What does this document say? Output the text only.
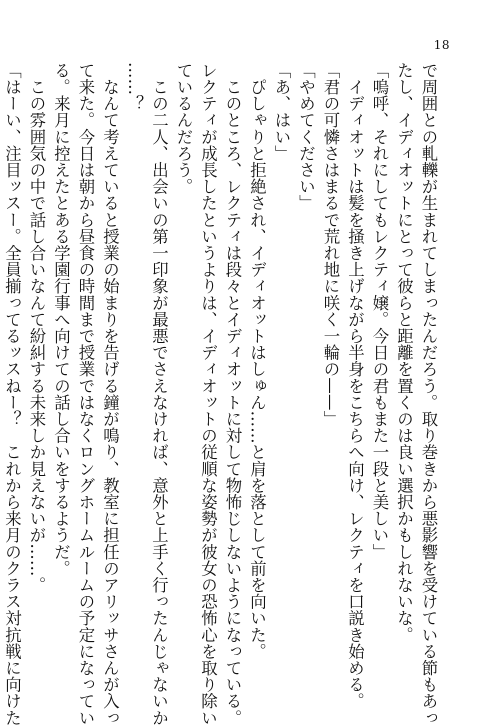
18
で周囲との軋轢が生まれてしまったんだろう。取り巻きから悪影響を受けている節もあっ
たし、イディオットにとって彼らと距離を置くのは良い選択かもしれないな。
「嗚呼、それにしてもレクティ嬢。今日の君もまた一段と美しい」
　イディオットは髪を掻き上げながら半身をこちらへ向け、レクティを口説き始める。
「君の可憐さはまるで荒れ地に咲く一輪の——」
「やめてください」
「あ、はい」
　ぴしゃりと拒絶され、イディオットはしゅん……と肩を落として前を向いた。
　このところ、レクティは段々とイディオットに対して物怖じしないようになっている。
レクティが成長したというよりは、イディオットの従順な姿勢が彼女の恐怖心を取り除い
ているんだろう。
　この二人、出会いの第一印象が最悪でさえなければ、意外と上手く行ったんじゃないか
……？
　なんて考えていると授業の始まりを告げる鐘が鳴り、教室に担任のアリッサさんが入っ
て来た。今日は朝から昼食の時間まで授業ではなくロングホームルームの予定になってい
る。来月に控えたとある学園行事へ向けての話し合いをするようだ。
　この雰囲気の中で話し合いなんて紛糾する未来しか見えないが……。
「はーい、注目ッスー。全員揃ってるッスねー？　これから来月のクラス対抗戦に向けた
